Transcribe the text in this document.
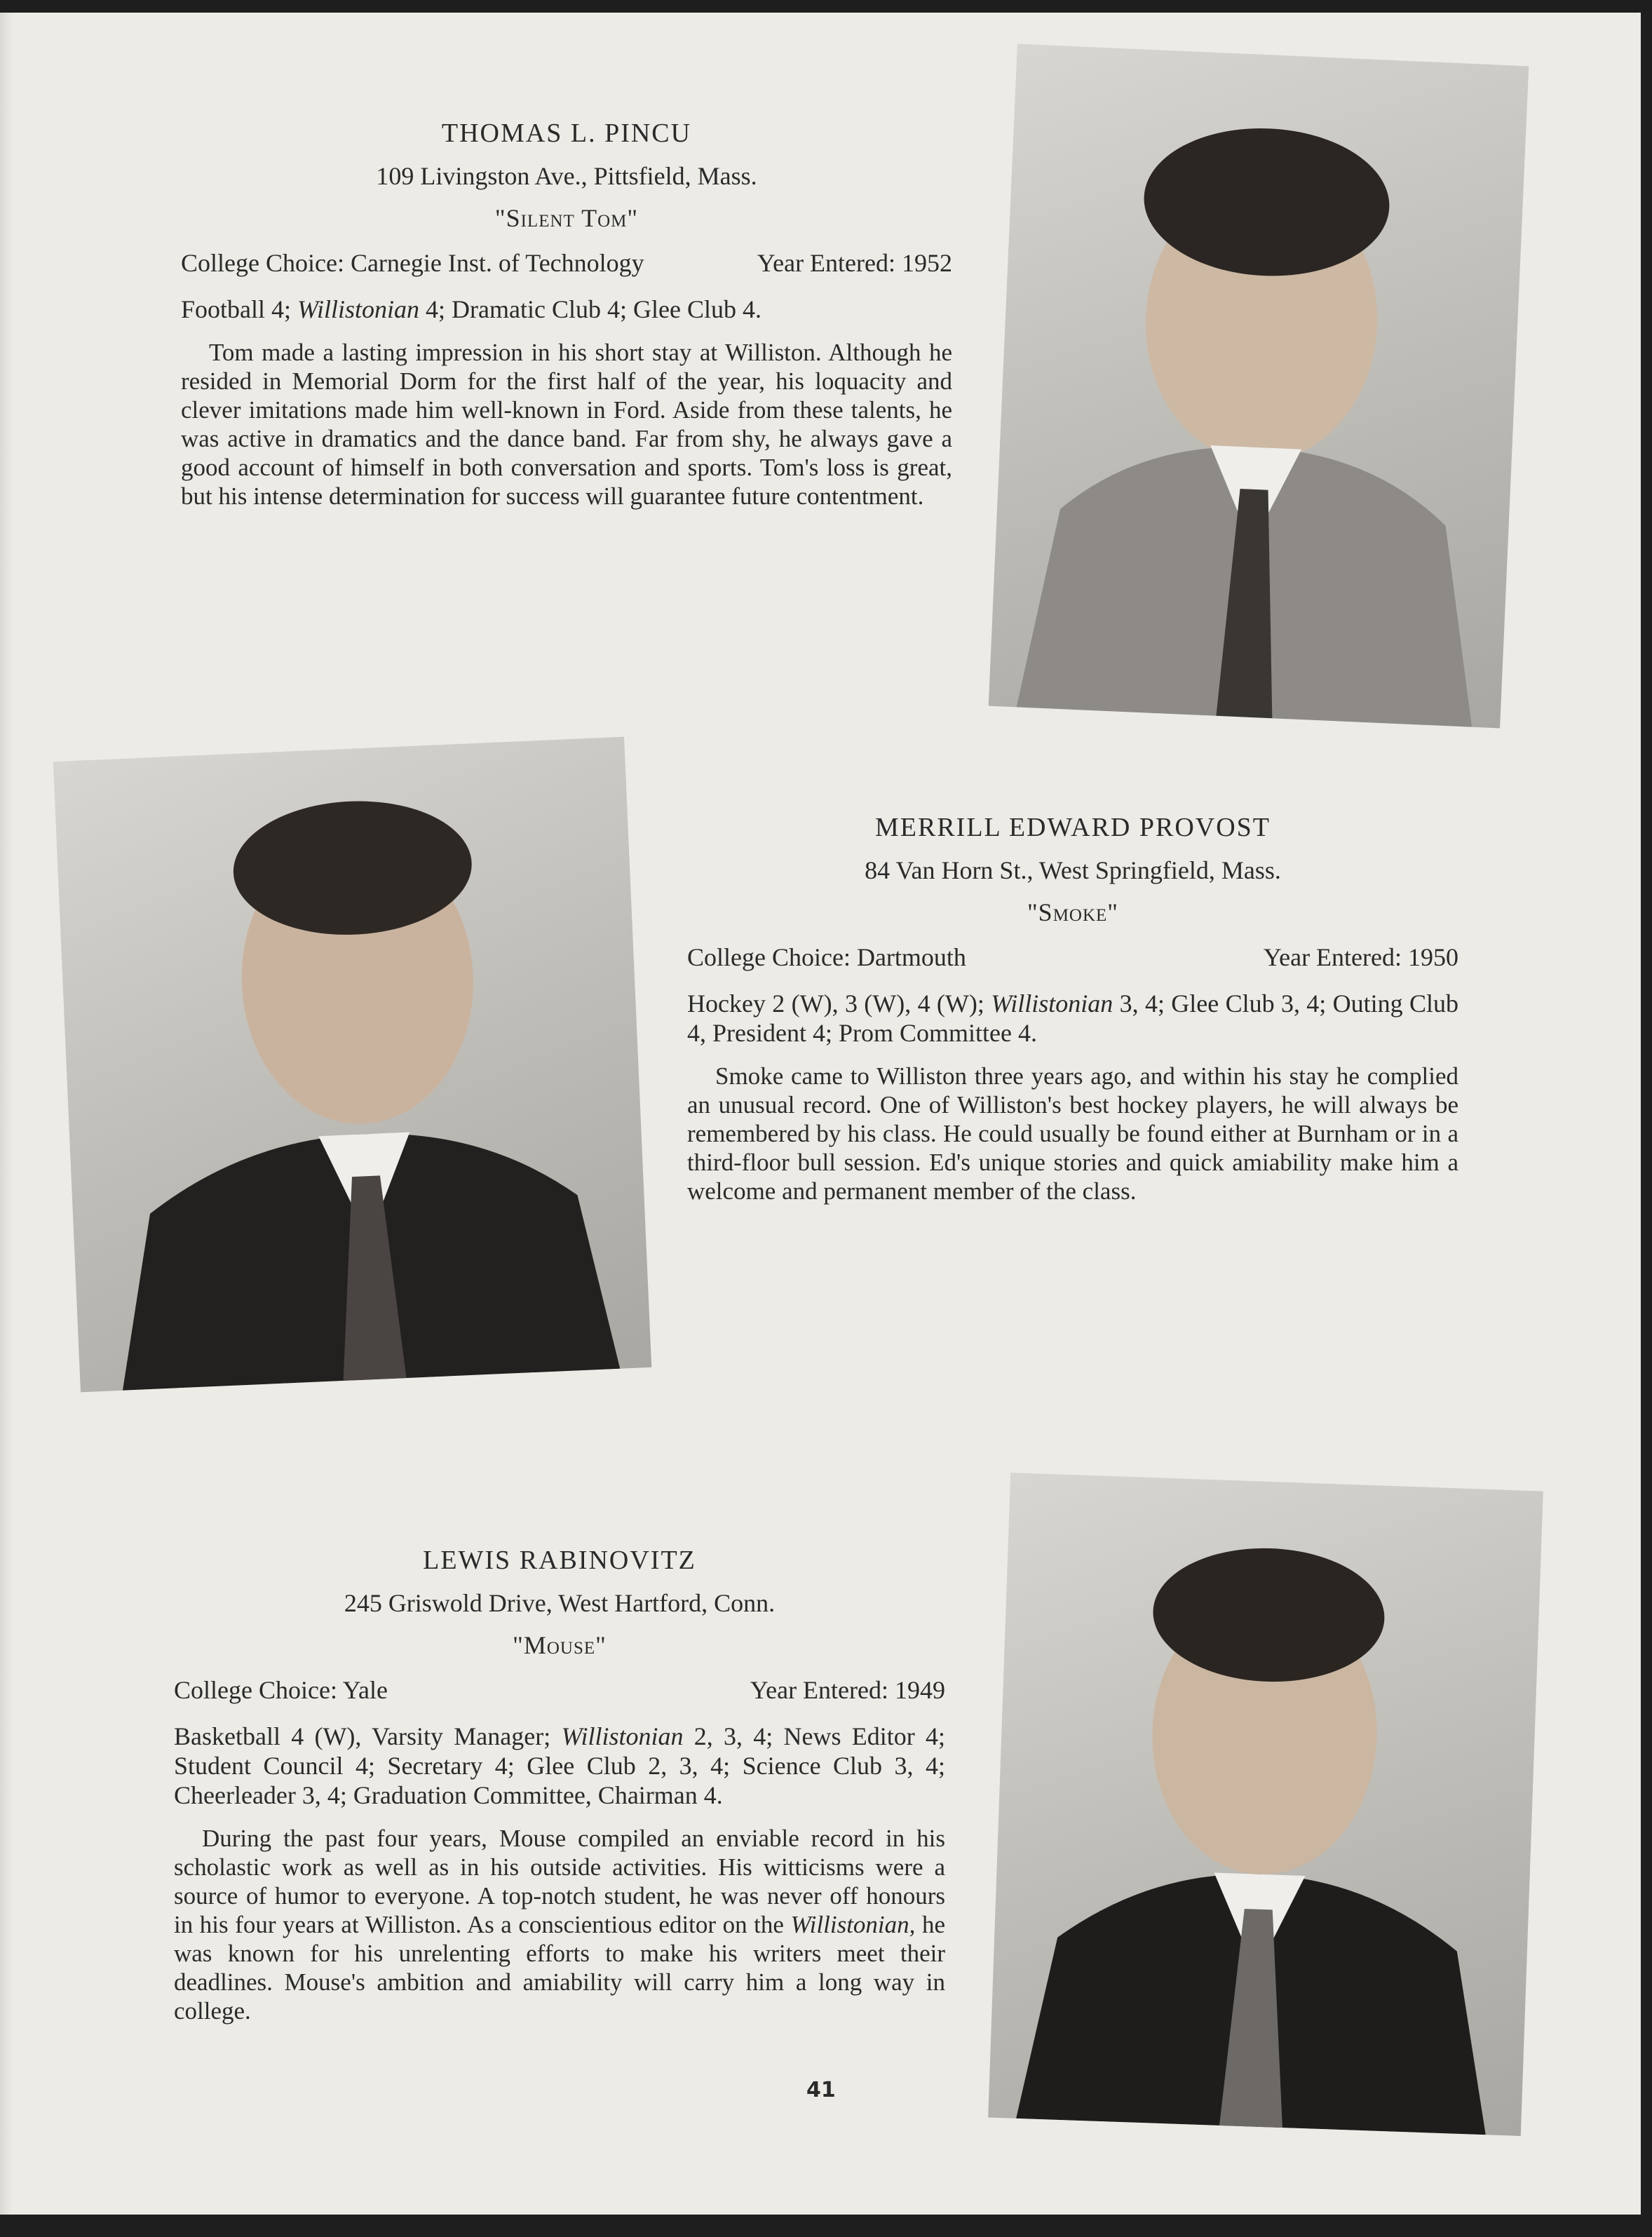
THOMAS L. PINCU

109 Livingston Ave., Pittsfield, Mass.

"Silent Tom"

College Choice: Carnegie Inst. of Technology	Year Entered: 1952

Football 4; Willistonian 4; Dramatic Club 4; Glee Club 4.

Tom made a lasting impression in his short stay at Williston. Although he resided in Memorial Dorm for the first half of the year, his loquacity and clever imitations made him well-known in Ford. Aside from these talents, he was active in dramatics and the dance band. Far from shy, he always gave a good account of himself in both conversation and sports. Tom's loss is great, but his intense determination for success will guarantee future contentment.

MERRILL EDWARD PROVOST

84 Van Horn St., West Springfield, Mass.

"Smoke"

College Choice: Dartmouth	Year Entered: 1950

Hockey 2 (W), 3 (W), 4 (W); Willistonian 3, 4; Glee Club 3, 4; Outing Club 4, President 4; Prom Committee 4.

Smoke came to Williston three years ago, and within his stay he complied an unusual record. One of Williston's best hockey players, he will always be remembered by his class. He could usually be found either at Burnham or in a third-floor bull session. Ed's unique stories and quick amiability make him a welcome and permanent member of the class.

LEWIS RABINOVITZ

245 Griswold Drive, West Hartford, Conn.

"Mouse"

College Choice: Yale	Year Entered: 1949

Basketball 4 (W), Varsity Manager; Willistonian 2, 3, 4; News Editor 4; Student Council 4; Secretary 4; Glee Club 2, 3, 4; Science Club 3, 4; Cheerleader 3, 4; Graduation Committee, Chairman 4.

During the past four years, Mouse compiled an enviable record in his scholastic work as well as in his outside activities. His witticisms were a source of humor to everyone. A top-notch student, he was never off honours in his four years at Williston. As a conscientious editor on the Willistonian, he was known for his unrelenting efforts to make his writers meet their deadlines. Mouse's ambition and amiability will carry him a long way in college.

41
